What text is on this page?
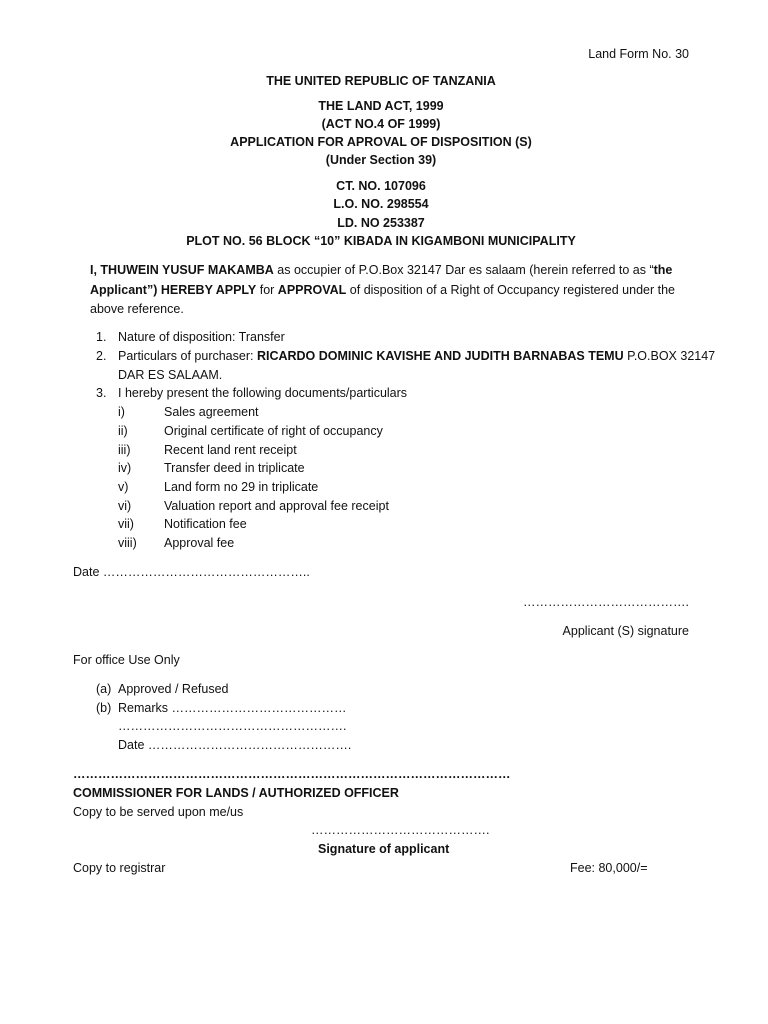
Land Form No. 30
THE UNITED REPUBLIC OF TANZANIA
THE LAND ACT, 1999
(ACT NO.4 OF 1999)
APPLICATION FOR APROVAL OF DISPOSITION (S)
(Under Section 39)
CT. NO. 107096
L.O. NO. 298554
LD. NO 253387
PLOT NO. 56 BLOCK “10” KIBADA IN KIGAMBONI MUNICIPALITY
I, THUWEIN YUSUF MAKAMBA as occupier of P.O.Box 32147 Dar es salaam (herein referred to as “the Applicant”) HEREBY APPLY for APPROVAL of disposition of a Right of Occupancy registered under the above reference.
1. Nature of disposition: Transfer
2. Particulars of purchaser: RICARDO DOMINIC KAVISHE AND JUDITH BARNABAS TEMU P.O.BOX 32147
DAR ES SALAAM.
3. I hereby present the following documents/particulars
i)	Sales agreement
ii)	Original certificate of right of occupancy
iii)	Recent land rent receipt
iv)	Transfer deed in triplicate
v)	Land form no 29 in triplicate
vi)	Valuation report and approval fee receipt
vii) Notification fee
viii) Approval fee
Date …………………………………………..
………………………………….
Applicant (S) signature
For office Use Only
(a) Approved / Refused
(b) Remarks ……………………………………
……………………………………………….
Date ………………………………………….
……………………………………………………………………………………………
COMMISSIONER FOR LANDS / AUTHORIZED OFFICER
Copy to be served upon me/us
…………………………………….
Signature of applicant
Copy to registrar	Fee: 80,000/=
